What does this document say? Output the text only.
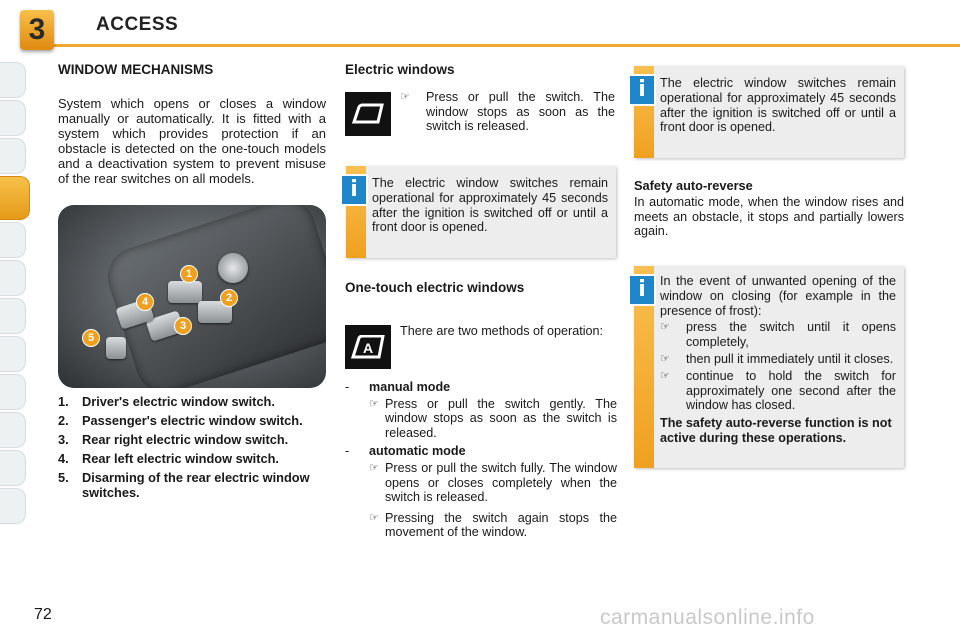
3	ACCESS
WINDOW MECHANISMS
System which opens or closes a window manually or automatically. It is fitted with a system which provides protection if an obstacle is detected on the one-touch models and a deactivation system to prevent misuse of the rear switches on all models.
1
2
3
4
5
1.	Driver's electric window switch.
2.	Passenger's electric window switch.
3.	Rear right electric window switch.
4.	Rear left electric window switch.
5.	Disarming of the rear electric window switches.
Electric windows
☞	Press or pull the switch. The window stops as soon as the switch is released.
i	The electric window switches remain operational for approximately 45 seconds after the ignition is switched off or until a front door is opened.
One-touch electric windows
A
There are two methods of operation:
-	manual mode
☞ Press or pull the switch gently. The window stops as soon as the switch is released.
-	automatic mode
☞ Press or pull the switch fully. The window opens or closes completely when the switch is released.
☞ Pressing the switch again stops the movement of the window.
i	The electric window switches remain operational for approximately 45 seconds after the ignition is switched off or until a front door is opened.
Safety auto-reverse
In automatic mode, when the window rises and meets an obstacle, it stops and partially lowers again.
i	In the event of unwanted opening of the window on closing (for example in the presence of frost):
☞	press the switch until it opens completely,
☞	then pull it immediately until it closes.
☞	continue to hold the switch for approximately one second after the window has closed.
The safety auto-reverse function is not active during these operations.
72	carmanualsonline.info
